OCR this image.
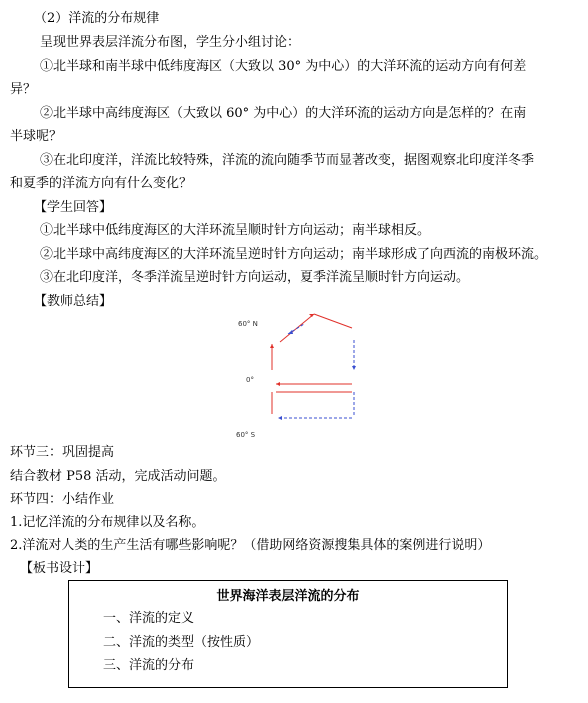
（2）洋流的分布规律
呈现世界表层洋流分布图，学生分小组讨论：
①北半球和南半球中低纬度海区（大致以 30° 为中心）的大洋环流的运动方向有何差
异？
②北半球中高纬度海区（大致以 60° 为中心）的大洋环流的运动方向是怎样的？在南
半球呢？
③在北印度洋，洋流比较特殊，洋流的流向随季节而显著改变，据图观察北印度洋冬季
和夏季的洋流方向有什么变化？
【学生回答】
①北半球中低纬度海区的大洋环流呈顺时针方向运动；南半球相反。
②北半球中高纬度海区的大洋环流呈逆时针方向运动；南半球形成了向西流的南极环流。
③在北印度洋，冬季洋流呈逆时针方向运动，夏季洋流呈顺时针方向运动。
【教师总结】
60° N
0°
60° S
环节三：巩固提高
结合教材 P58 活动，完成活动问题。
环节四：小结作业
1.记忆洋流的分布规律以及名称。
2.洋流对人类的生产生活有哪些影响呢？（借助网络资源搜集具体的案例进行说明）
【板书设计】
世界海洋表层洋流的分布
一、洋流的定义
二、洋流的类型（按性质）
三、洋流的分布
